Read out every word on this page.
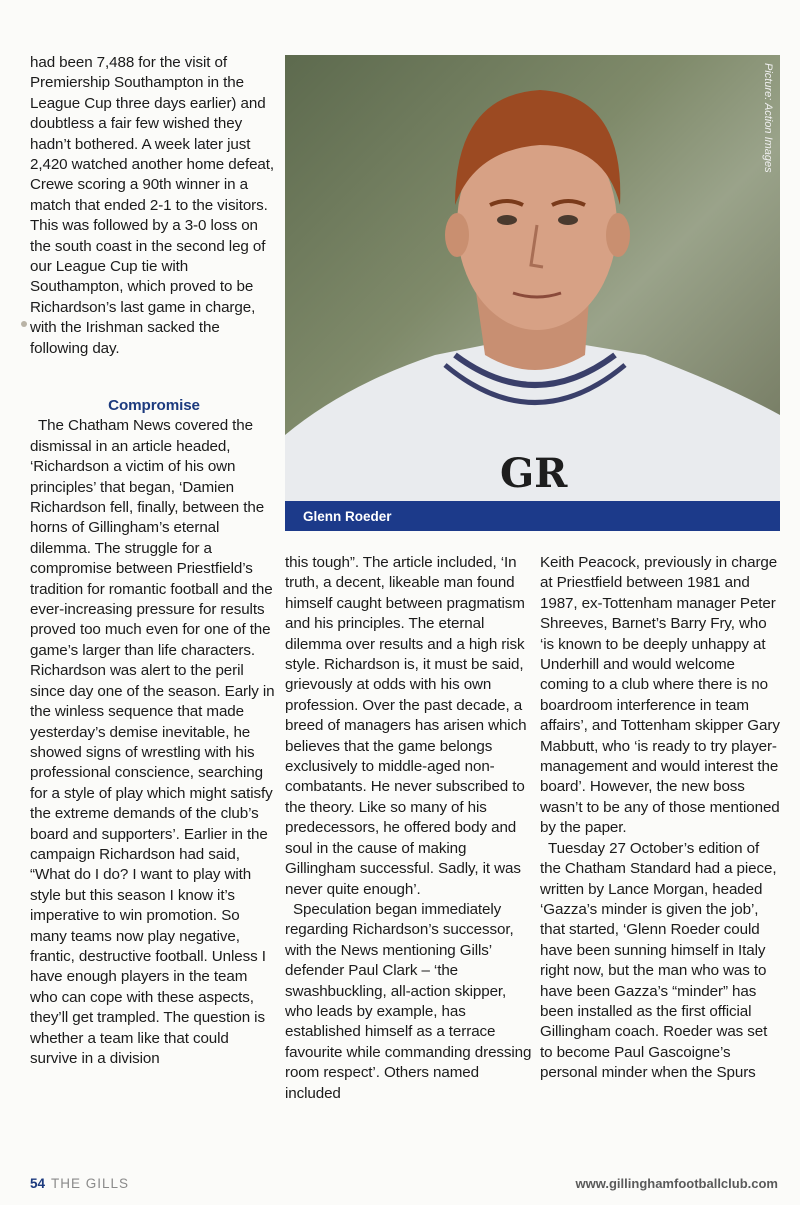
had been 7,488 for the visit of Premiership Southampton in the League Cup three days earlier) and doubtless a fair few wished they hadn’t bothered. A week later just 2,420 watched another home defeat, Crewe scoring a 90th winner in a match that ended 2-1 to the visitors. This was followed by a 3-0 loss on the south coast in the second leg of our League Cup tie with Southampton, which proved to be Richardson’s last game in charge, with the Irishman sacked the following day.

Compromise

The Chatham News covered the dismissal in an article headed, ‘Richardson a victim of his own principles’ that began, ‘Damien Richardson fell, finally, between the horns of Gillingham’s eternal dilemma. The struggle for a compromise between Priestfield’s tradition for romantic football and the ever-increasing pressure for results proved too much even for one of the game’s larger than life characters. Richardson was alert to the peril since day one of the season. Early in the winless sequence that made yesterday’s demise inevitable, he showed signs of wrestling with his professional conscience, searching for a style of play which might satisfy the extreme demands of the club’s board and supporters’. Earlier in the campaign Richardson had said, “What do I do? I want to play with style but this season I know it’s imperative to win promotion. So many teams now play negative, frantic, destructive football. Unless I have enough players in the team who can cope with these aspects, they’ll get trampled. The question is whether a team like that could survive in a division

GR
Picture: Action Images
Glenn Roeder

this tough”. The article included, ‘In truth, a decent, likeable man found himself caught between pragmatism and his principles. The eternal dilemma over results and a high risk style. Richardson is, it must be said, grievously at odds with his own profession. Over the past decade, a breed of managers has arisen which believes that the game belongs exclusively to middle-aged non-combatants. He never subscribed to the theory. Like so many of his predecessors, he offered body and soul in the cause of making Gillingham successful. Sadly, it was never quite enough’.

Speculation began immediately regarding Richardson’s successor, with the News mentioning Gills’ defender Paul Clark – ‘the swashbuckling, all-action skipper, who leads by example, has established himself as a terrace favourite while commanding dressing room respect’. Others named included

Keith Peacock, previously in charge at Priestfield between 1981 and 1987, ex-Tottenham manager Peter Shreeves, Barnet’s Barry Fry, who ‘is known to be deeply unhappy at Underhill and would welcome coming to a club where there is no boardroom interference in team affairs’, and Tottenham skipper Gary Mabbutt, who ‘is ready to try player-management and would interest the board’. However, the new boss wasn’t to be any of those mentioned by the paper.

Tuesday 27 October’s edition of the Chatham Standard had a piece, written by Lance Morgan, headed ‘Gazza’s minder is given the job’, that started, ‘Glenn Roeder could have been sunning himself in Italy right now, but the man who was to have been Gazza’s “minder” has been installed as the first official Gillingham coach. Roeder was set to become Paul Gascoigne’s personal minder when the Spurs

54 THE GILLS	www.gillinghamfootballclub.com
